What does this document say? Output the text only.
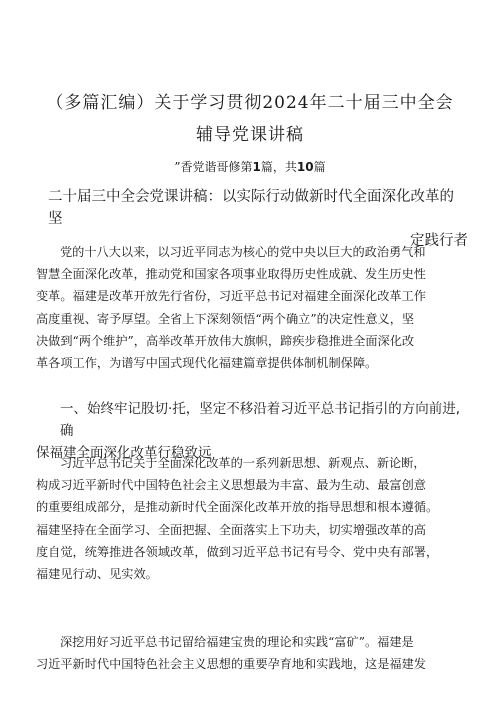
（多篇汇编）关于学习贯彻2024年二十届三中全会
辅导党课讲稿
”香党谐哥修第1篇，共10篇
二十届三中全会党课讲稿：以实际行动做新时代全面深化改革的坚
定践行者
党的十八大以来，以习近平同志为核心的党中央以巨大的政治勇气和
智慧全面深化改革，推动党和国家各项事业取得历史性成就、发生历史性
变革。福建是改革开放先行省份，习近平总书记对福建全面深化改革工作
高度重视、寄予厚望。全省上下深刻领悟“两个确立”的决定性意义，坚
决做到“两个维护”，高举改革开放伟大旗帜，蹄疾步稳推进全面深化改
革各项工作，为谱写中国式现代化福建篇章提供体制机制保障。
一、始终牢记股切·托，坚定不移沿着习近平总书记指引的方向前进,确
保福建全面深化改革行稳致远
习近平总书记关于全面深化改革的一系列新思想、新观点、新论断，
构成习近平新时代中国特色社会主义思想最为丰富、最为生动、最富创意
的重要组成部分，是推动新时代全面深化改革开放的指导思想和根本遵循。
福建坚持在全面学习、全面把握、全面落实上下功夫，切实增强改革的高
度自觉，统筹推进各领域改革，做到习近平总书记有号令、党中央有部署，
福建见行动、见实效。
深挖用好习近平总书记留给福建宝贵的理论和实践“富矿”。福建是
习近平新时代中国特色社会主义思想的重要孕育地和实践地，这是福建发
